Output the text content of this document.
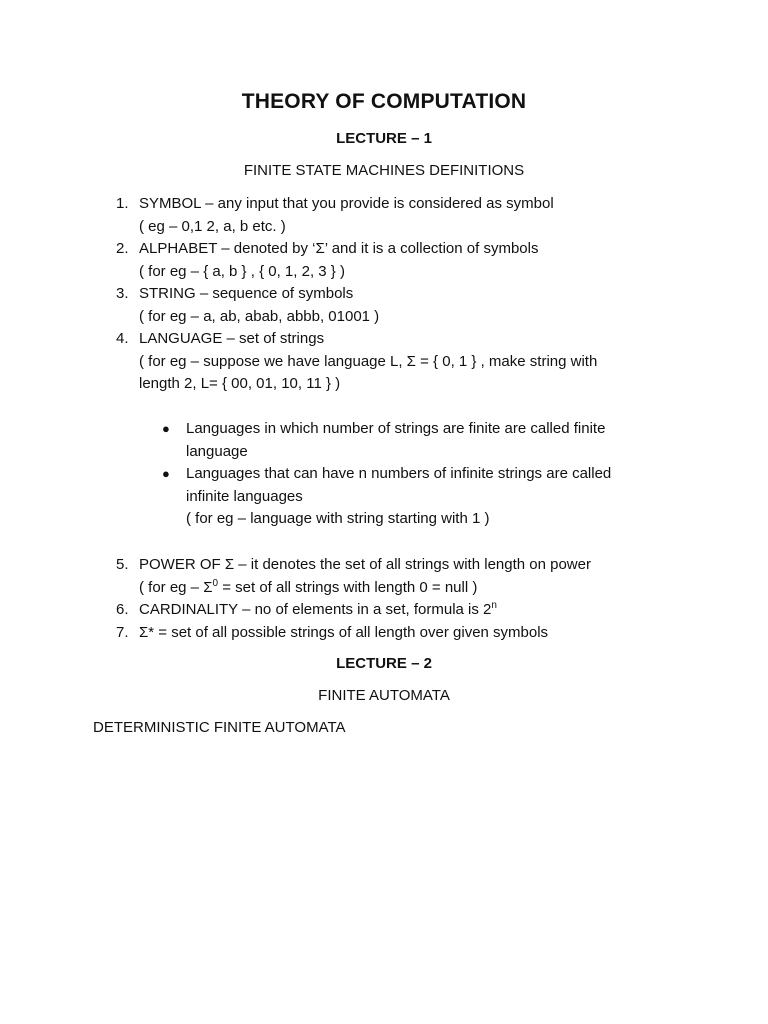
THEORY OF COMPUTATION
LECTURE – 1
FINITE STATE MACHINES DEFINITIONS
1. SYMBOL – any input that you provide is considered as symbol
( eg – 0,1 2, a, b etc. )
2. ALPHABET – denoted by ‘Σ’ and it is a collection of symbols
( for eg – { a, b } , { 0, 1, 2, 3 } )
3. STRING – sequence of symbols
( for eg – a, ab, abab, abbb, 01001 )
4. LANGUAGE – set of strings
( for eg – suppose we have language L, Σ = { 0, 1 } , make string with
length 2, L= { 00, 01, 10, 11 } )
●	Languages in which number of strings are finite are called finite
language
●	Languages that can have n numbers of infinite strings are called
infinite languages
( for eg – language with string starting with 1 )
5. POWER OF Σ – it denotes the set of all strings with length on power
( for eg – $\Sigma^0$ = set of all strings with length 0 = null )
6. CARDINALITY – no of elements in a set, formula is 2$^n$
7. Σ* = set of all possible strings of all length over given symbols
LECTURE – 2
FINITE AUTOMATA
DETERMINISTIC FINITE AUTOMATA
